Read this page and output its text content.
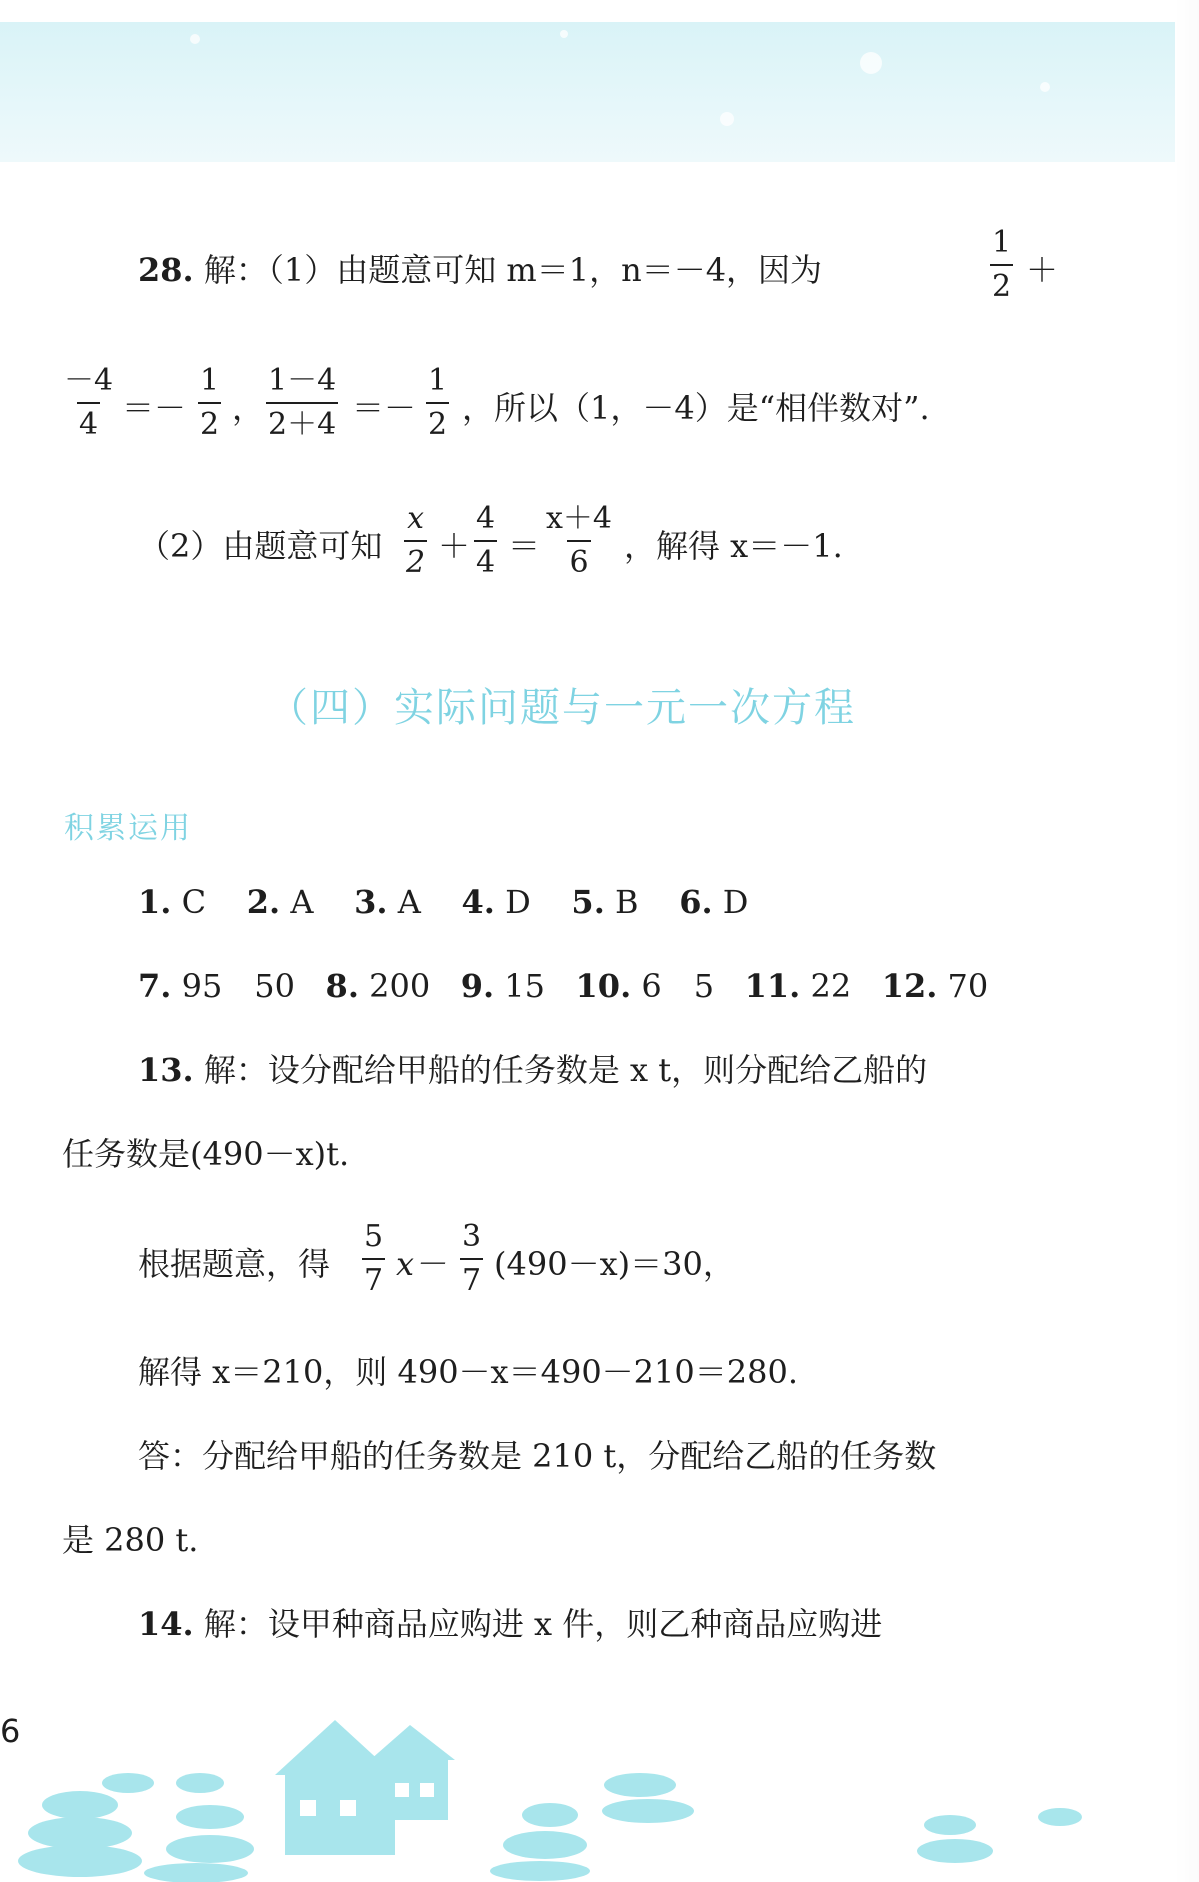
28. 解：（1）由题意可知 m＝1，n＝－4，因为	$\frac{1}{2}$ ＋
$\frac{-4}{4} =- \frac{1}{2}$ ， $\frac{1-4}{2+4} =- \frac{1}{2}$ ，所以（1，－4）是“相伴数对”.
（2）由题意可知 $\frac{x}{2} + \frac{4}{4} = \frac{x+4}{6}$ ，解得 x＝－1.
（四）实际问题与一元一次方程
积累运用
1. C 2. A 3. A 4. D 5. B 6. D
7. 95　50 8. 200 9. 15 10. 6　5 11. 22 12. 70
13. 解：设分配给甲船的任务数是 x t，则分配给乙船的
任务数是(490－x)t.
根据题意，得 $\frac{5}{7} x- \frac{3}{7} (490-x)=30$，
解得 x＝210，则 490－x＝490－210＝280.
答：分配给甲船的任务数是 210 t，分配给乙船的任务数
是 280 t.
14. 解：设甲种商品应购进 x 件，则乙种商品应购进
6
